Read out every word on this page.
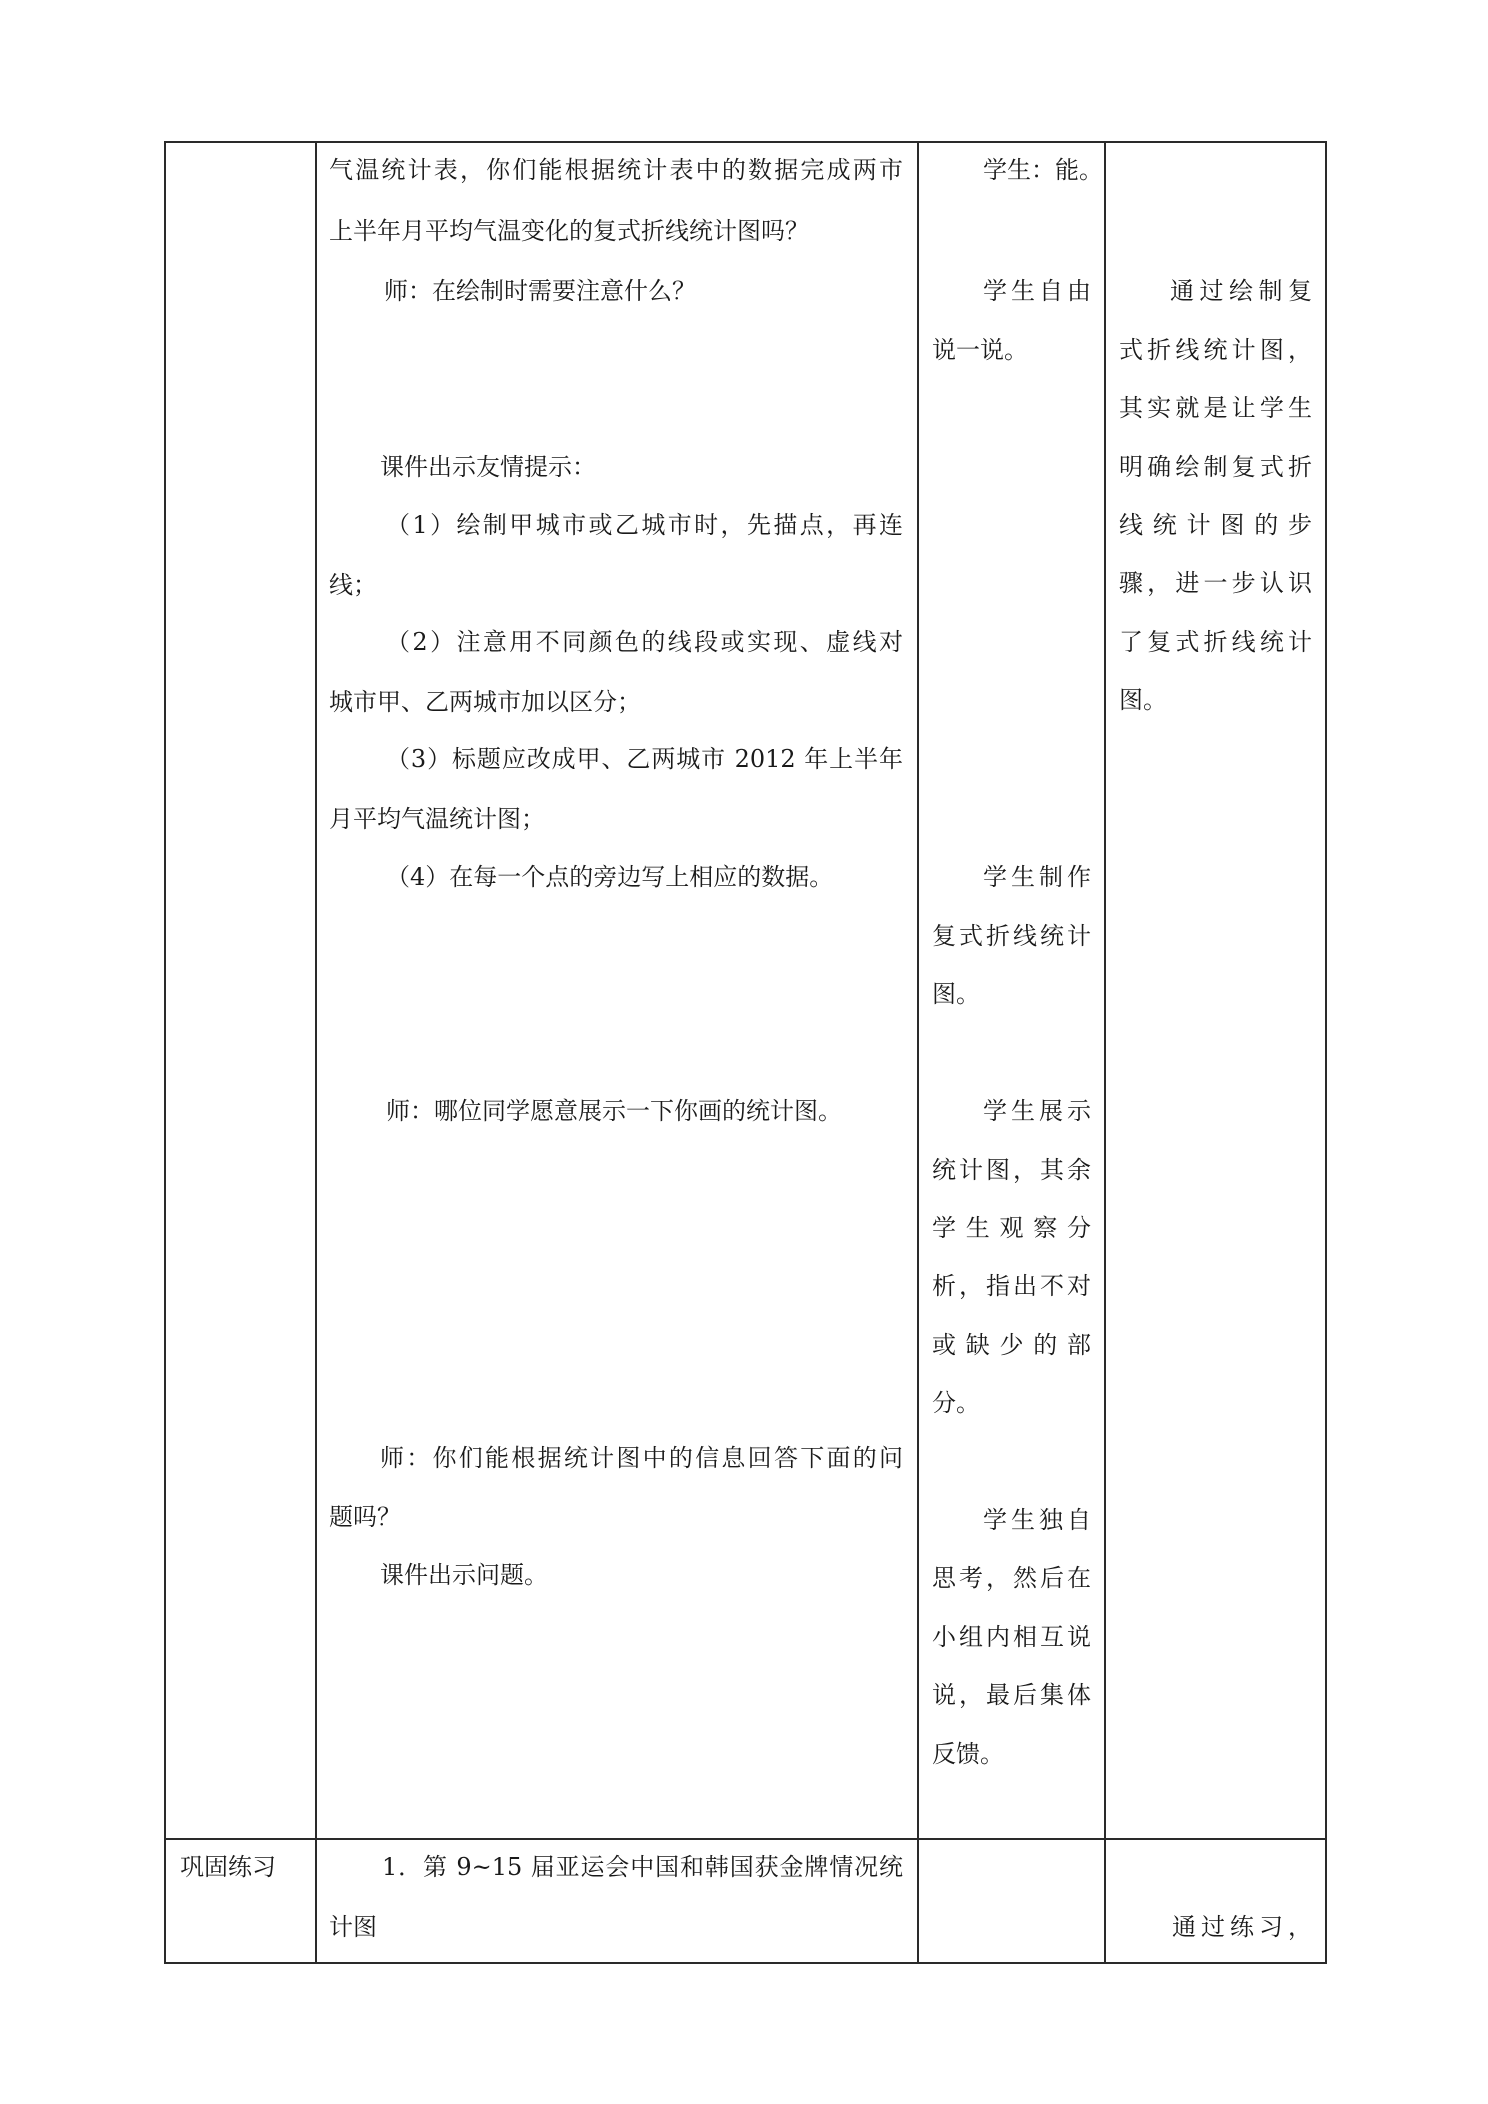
气温统计表，你们能根据统计表中的数据完成两市
上半年月平均气温变化的复式折线统计图吗？
师：在绘制时需要注意什么？
课件出示友情提示：
（1）绘制甲城市或乙城市时，先描点，再连
线；
（2）注意用不同颜色的线段或实现、虚线对
城市甲、乙两城市加以区分；
（3）标题应改成甲、乙两城市 2012 年上半年
月平均气温统计图；
（4）在每一个点的旁边写上相应的数据。
师：哪位同学愿意展示一下你画的统计图。
师：你们能根据统计图中的信息回答下面的问
题吗？
课件出示问题。
学生：能。
学生自由
说一说。
学生制作
复式折线统计
图。
学生展示
统计图，其余
学生观察分
析，指出不对
或缺少的部
分。
学生独自
思考，然后在
小组内相互说
说，最后集体
反馈。
通过绘制复
式折线统计图，
其实就是让学生
明确绘制复式折
线统计图的步
骤，进一步认识
了复式折线统计
图。
巩固练习	1．第 9~15 届亚运会中国和韩国获金牌情况统
计图	通过练习，
